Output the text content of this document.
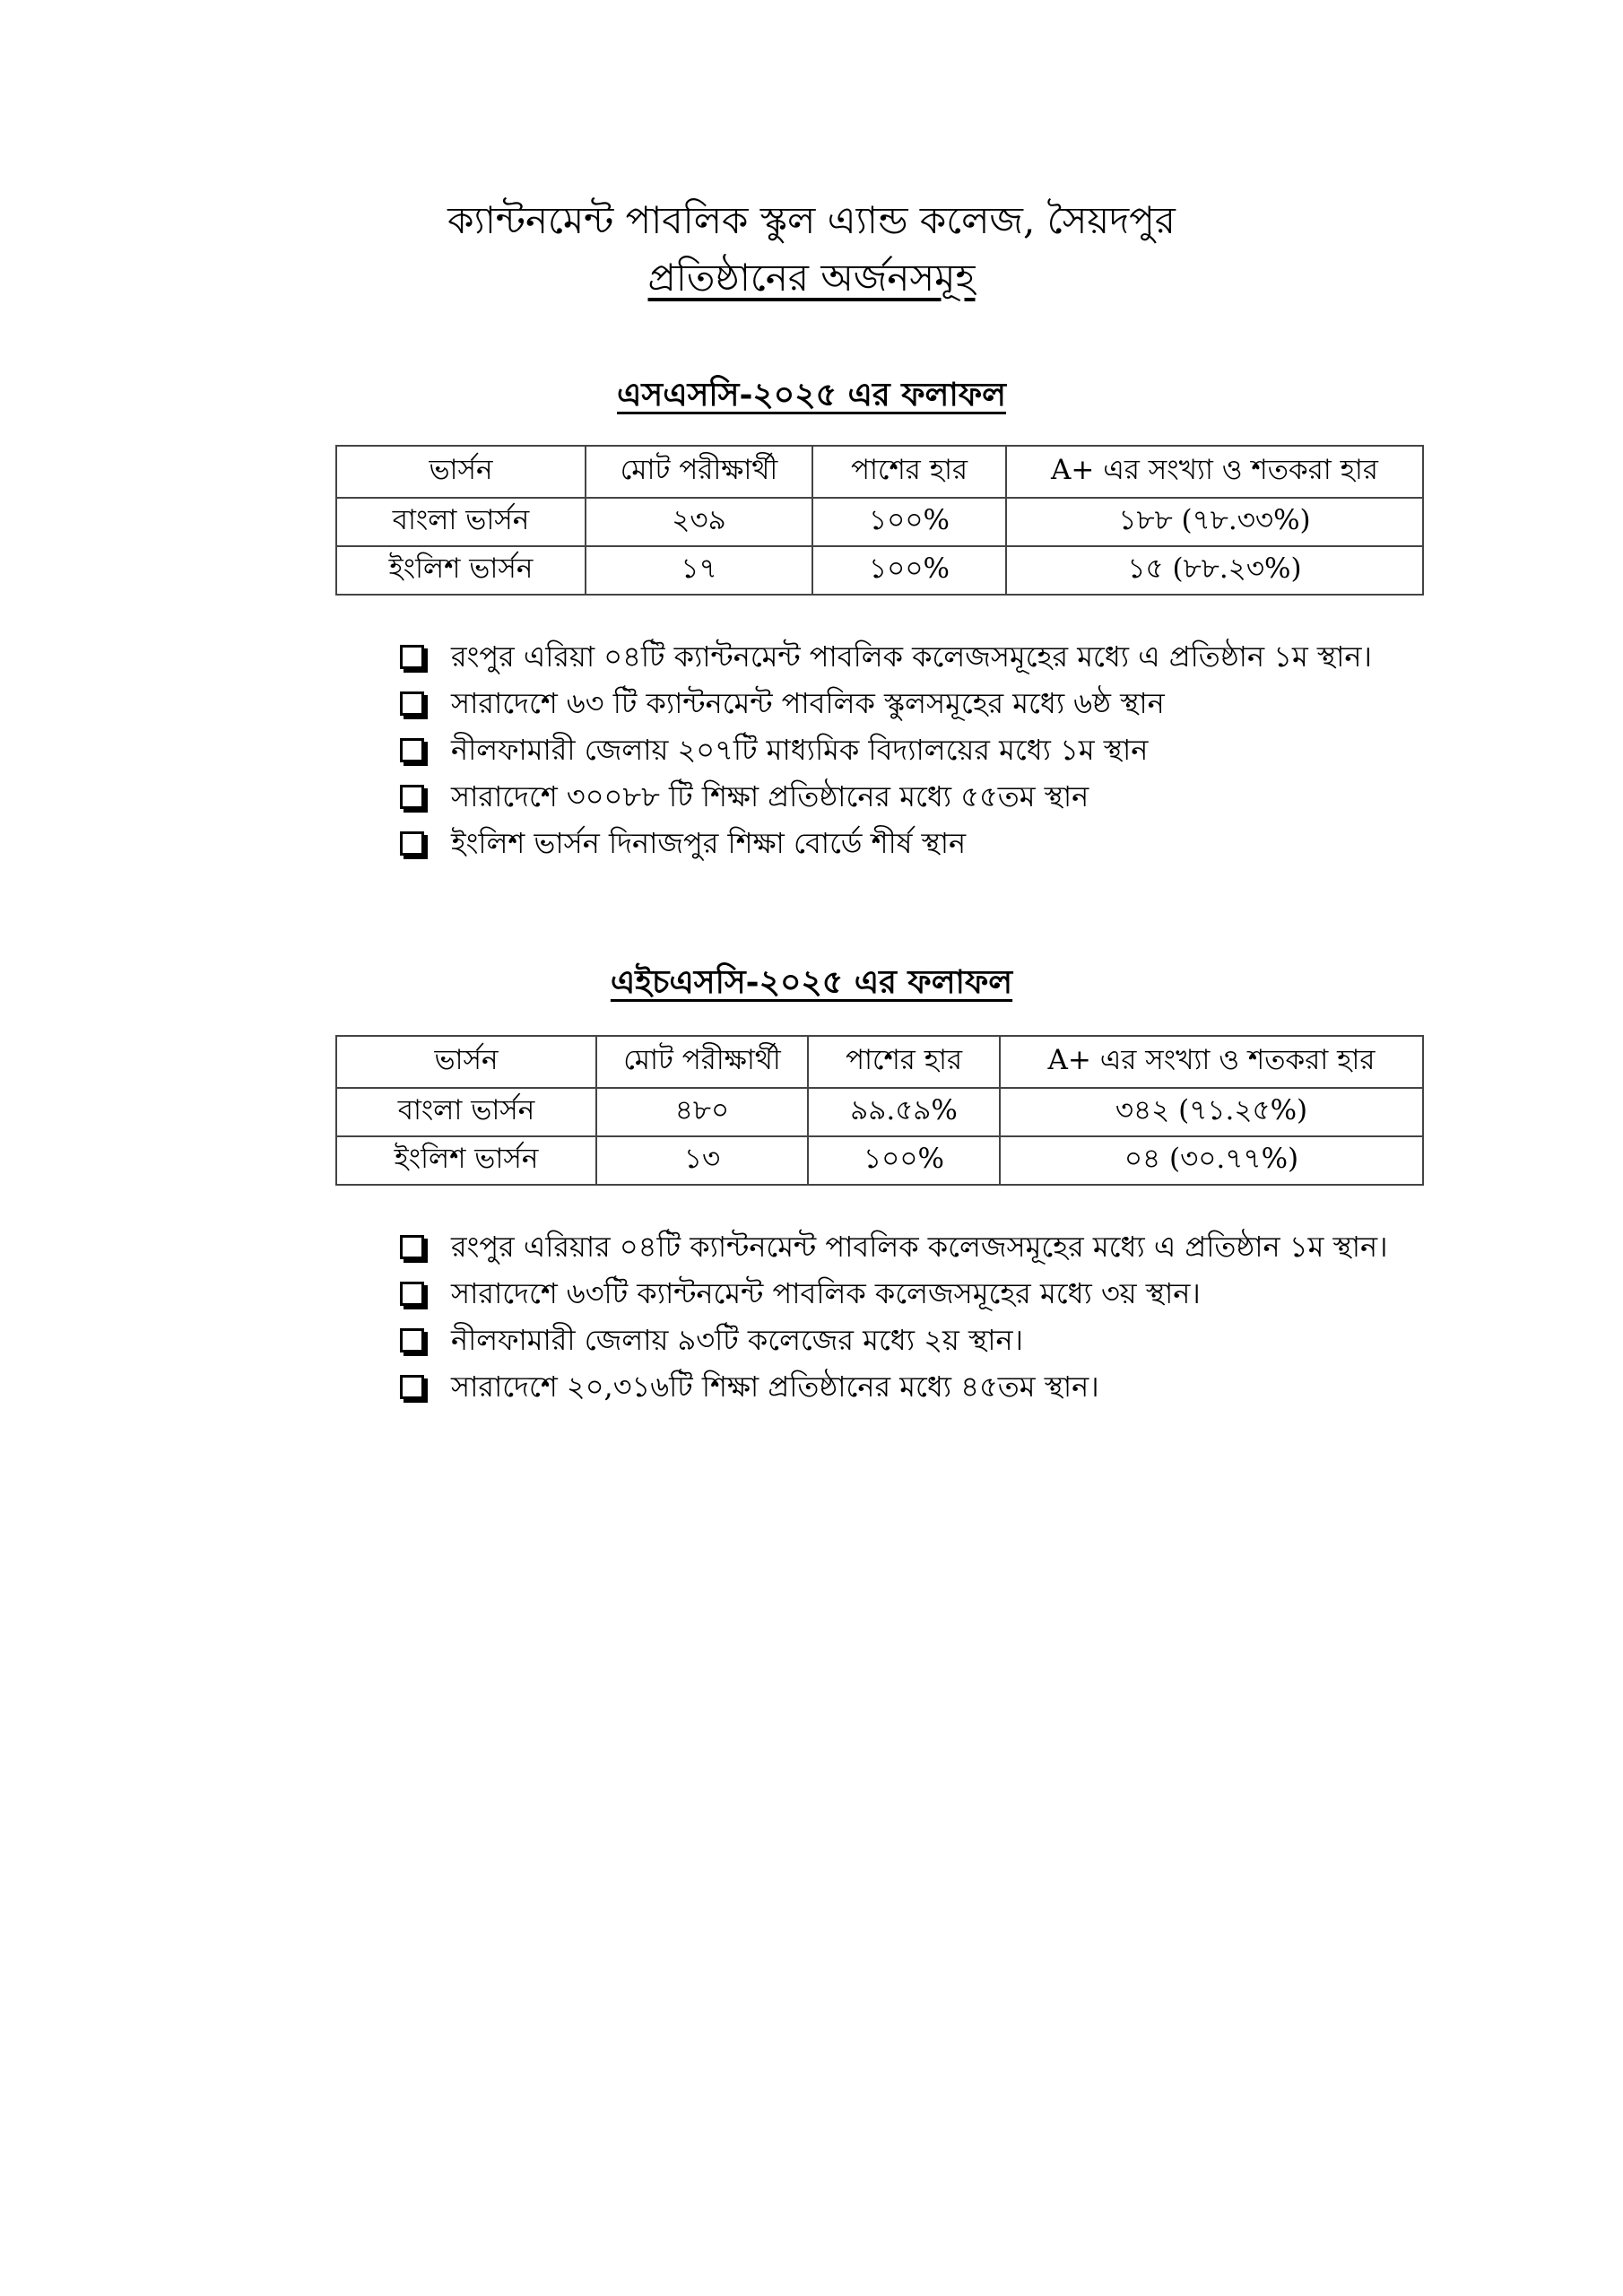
ক্যান্টনমেন্ট পাবলিক স্কুল এ্যান্ড কলেজ, সৈয়দপুর
প্রতিষ্ঠানের অর্জনসমূহ
এসএসসি-২০২৫ এর ফলাফল
ভার্সন	মোট পরীক্ষার্থী	পাশের হার	A+ এর সংখ্যা ও শতকরা হার
বাংলা ভার্সন	২৩৯	১০০%	১৮৮ (৭৮.৩৩%)
ইংলিশ ভার্সন	১৭	১০০%	১৫ (৮৮.২৩%)
রংপুর এরিয়া ০৪টি ক্যান্টনমেন্ট পাবলিক কলেজসমূহের মধ্যে এ প্রতিষ্ঠান ১ম স্থান।
সারাদেশে ৬৩ টি ক্যান্টনমেন্ট পাবলিক স্কুলসমূহের মধ্যে ৬ষ্ঠ স্থান
নীলফামারী জেলায় ২০৭টি মাধ্যমিক বিদ্যালয়ের মধ্যে ১ম স্থান
সারাদেশে ৩০০৮৮ টি শিক্ষা প্রতিষ্ঠানের মধ্যে ৫৫তম স্থান
ইংলিশ ভার্সন দিনাজপুর শিক্ষা বোর্ডে শীর্ষ স্থান
এইচএসসি-২০২৫ এর ফলাফল
ভার্সন	মোট পরীক্ষার্থী	পাশের হার	A+ এর সংখ্যা ও শতকরা হার
বাংলা ভার্সন	৪৮০	৯৯.৫৯%	৩৪২ (৭১.২৫%)
ইংলিশ ভার্সন	১৩	১০০%	০৪ (৩০.৭৭%)
রংপুর এরিয়ার ০৪টি ক্যান্টনমেন্ট পাবলিক কলেজসমূহের মধ্যে এ প্রতিষ্ঠান ১ম স্থান।
সারাদেশে ৬৩টি ক্যান্টনমেন্ট পাবলিক কলেজসমূহের মধ্যে ৩য় স্থান।
নীলফামারী জেলায় ৯৩টি কলেজের মধ্যে ২য় স্থান।
সারাদেশে ২০,৩১৬টি শিক্ষা প্রতিষ্ঠানের মধ্যে ৪৫তম স্থান।
